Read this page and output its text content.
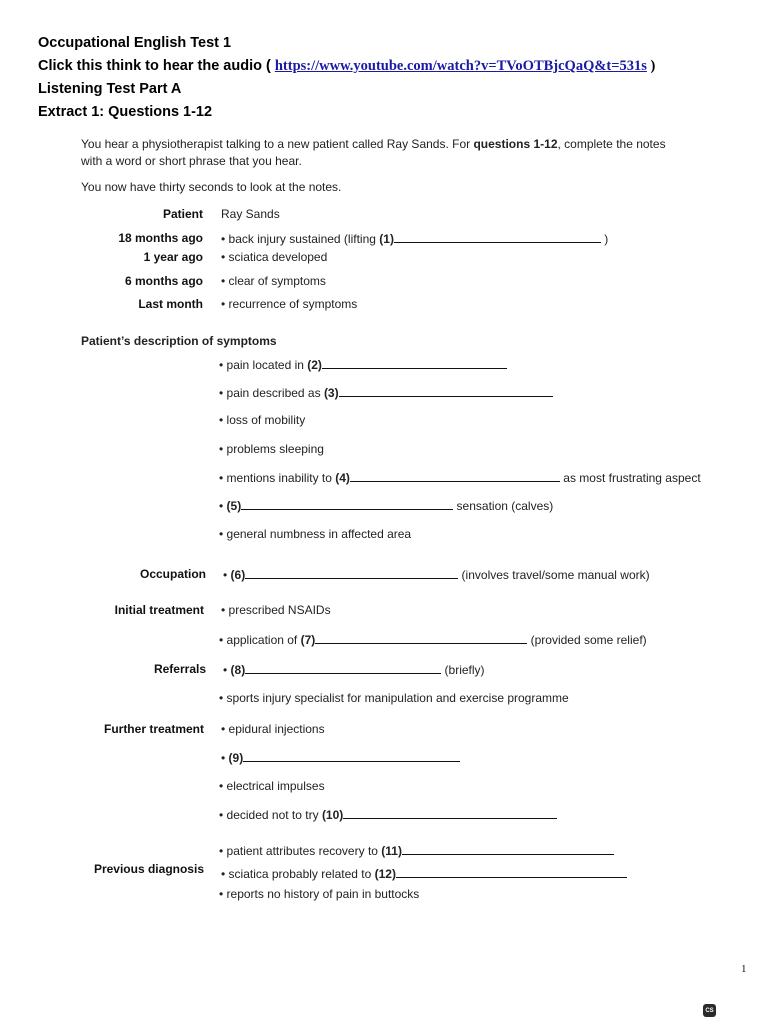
Occupational English Test 1
Click this think to hear the audio ( https://www.youtube.com/watch?v=TVoOTBjcQaQ&t=531s )
Listening Test Part A
Extract 1: Questions 1-12
You hear a physiotherapist talking to a new patient called Ray Sands. For questions 1-12, complete the notes
with a word or short phrase that you hear.
You now have thirty seconds to look at the notes.
Patient Ray Sands
18 months ago • back injury sustained (lifting (1)	)
1 year ago • sciatica developed
6 months ago • clear of symptoms
Last month • recurrence of symptoms
Patient’s description of symptoms
• pain located in (2)
• pain described as (3)
• loss of mobility
• problems sleeping
• mentions inability to (4)	as most frustrating aspect
• (5)	sensation (calves)
• general numbness in affected area
Occupation • (6)	(involves travel/some manual work)
Initial treatment • prescribed NSAIDs
• application of (7)	(provided some relief)
Referrals • (8)	(briefly)
• sports injury specialist for manipulation and exercise programme
Further treatment • epidural injections
• (9)
• electrical impulses
• decided not to try (10)
• patient attributes recovery to (11)
Previous diagnosis • sciatica probably related to (12)
• reports no history of pain in buttocks
1
CS
